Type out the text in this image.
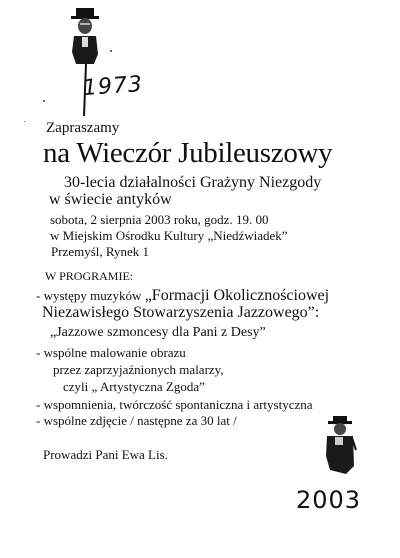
1973
Zapraszamy
na Wieczór Jubileuszowy
30-lecia działalności Grażyny Niezgody
w świecie antyków
sobota, 2 sierpnia 2003 roku, godz. 19. 00
w Miejskim Ośrodku Kultury „Niedźwiadek”
Przemyśl, Rynek 1
W PROGRAMIE:
- występy muzyków „Formacji Okolicznościowej
Niezawisłego Stowarzyszenia Jazzowego”:
„Jazzowe szmoncesy dla Pani z Desy”
- wspólne malowanie obrazu
przez zaprzyjaźnionych malarzy,
czyli „ Artystyczna Zgoda”
- wspomnienia, twórczość spontaniczna i artystyczna
- wspólne zdjęcie / następne za 30 lat /
Prowadzi Pani Ewa Lis.
2003
